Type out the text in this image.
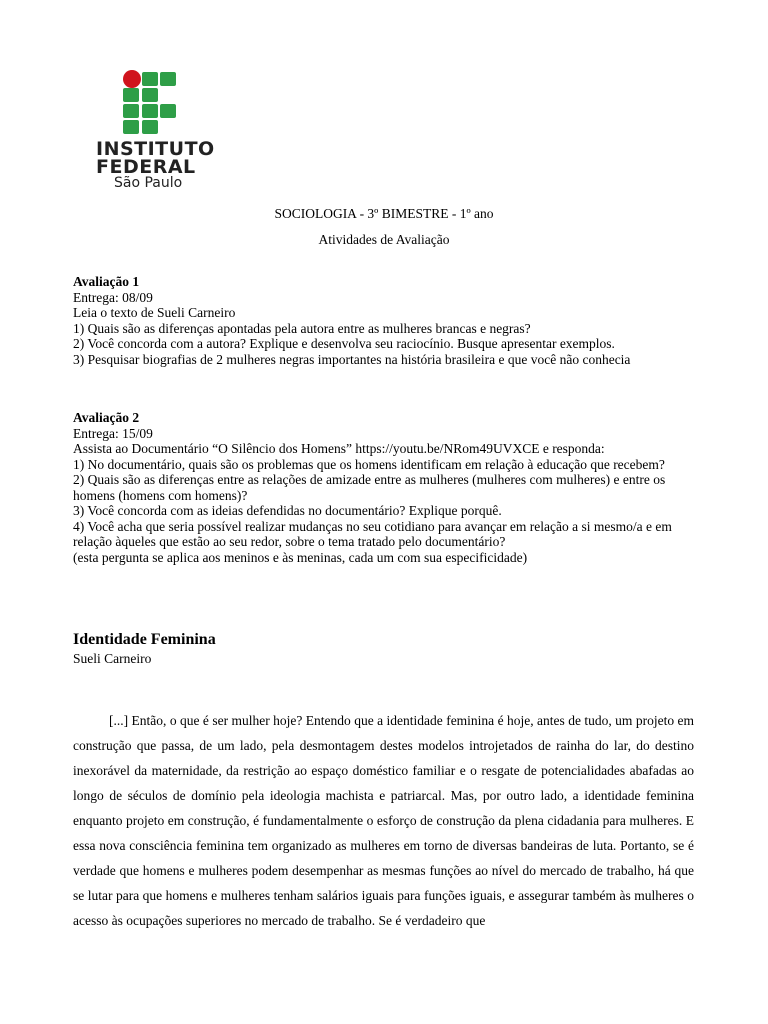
INSTITUTO
FEDERAL
São Paulo
SOCIOLOGIA - 3º BIMESTRE - 1º ano
Atividades de Avaliação

Avaliação 1

Entrega: 08/09

Leia o texto de Sueli Carneiro

1) Quais são as diferenças apontadas pela autora entre as mulheres brancas e negras?

2) Você concorda com a autora? Explique e desenvolva seu raciocínio. Busque apresentar exemplos.

3) Pesquisar biografias de 2 mulheres negras importantes na história brasileira e que você não conhecia

Avaliação 2

Entrega: 15/09

Assista ao Documentário “O Silêncio dos Homens” https://youtu.be/NRom49UVXCE e responda:

1) No documentário, quais são os problemas que os homens identificam em relação à educação que recebem?

2) Quais são as diferenças entre as relações de amizade entre as mulheres (mulheres com mulheres) e entre os homens (homens com homens)?

3) Você concorda com as ideias defendidas no documentário? Explique porquê.

4) Você acha que seria possível realizar mudanças no seu cotidiano para avançar em relação a si mesmo/a e em relação àqueles que estão ao seu redor, sobre o tema tratado pelo documentário?

(esta pergunta se aplica aos meninos e às meninas, cada um com sua especificidade)

Identidade Feminina
Sueli Carneiro

[...] Então, o que é ser mulher hoje? Entendo que a identidade feminina é hoje, antes de tudo, um projeto em construção que passa, de um lado, pela desmontagem destes modelos introjetados de rainha do lar, do destino inexorável da maternidade, da restrição ao espaço doméstico familiar e o resgate de potencialidades abafadas ao longo de séculos de domínio pela ideologia machista e patriarcal. Mas, por outro lado, a identidade feminina enquanto projeto em construção, é fundamentalmente o esforço de construção da plena cidadania para mulheres. E essa nova consciência feminina tem organizado as mulheres em torno de diversas bandeiras de luta. Portanto, se é verdade que homens e mulheres podem desempenhar as mesmas funções ao nível do mercado de trabalho, há que se lutar para que homens e mulheres tenham salários iguais para funções iguais, e assegurar também às mulheres o acesso às ocupações superiores no mercado de trabalho. Se é verdadeiro que
